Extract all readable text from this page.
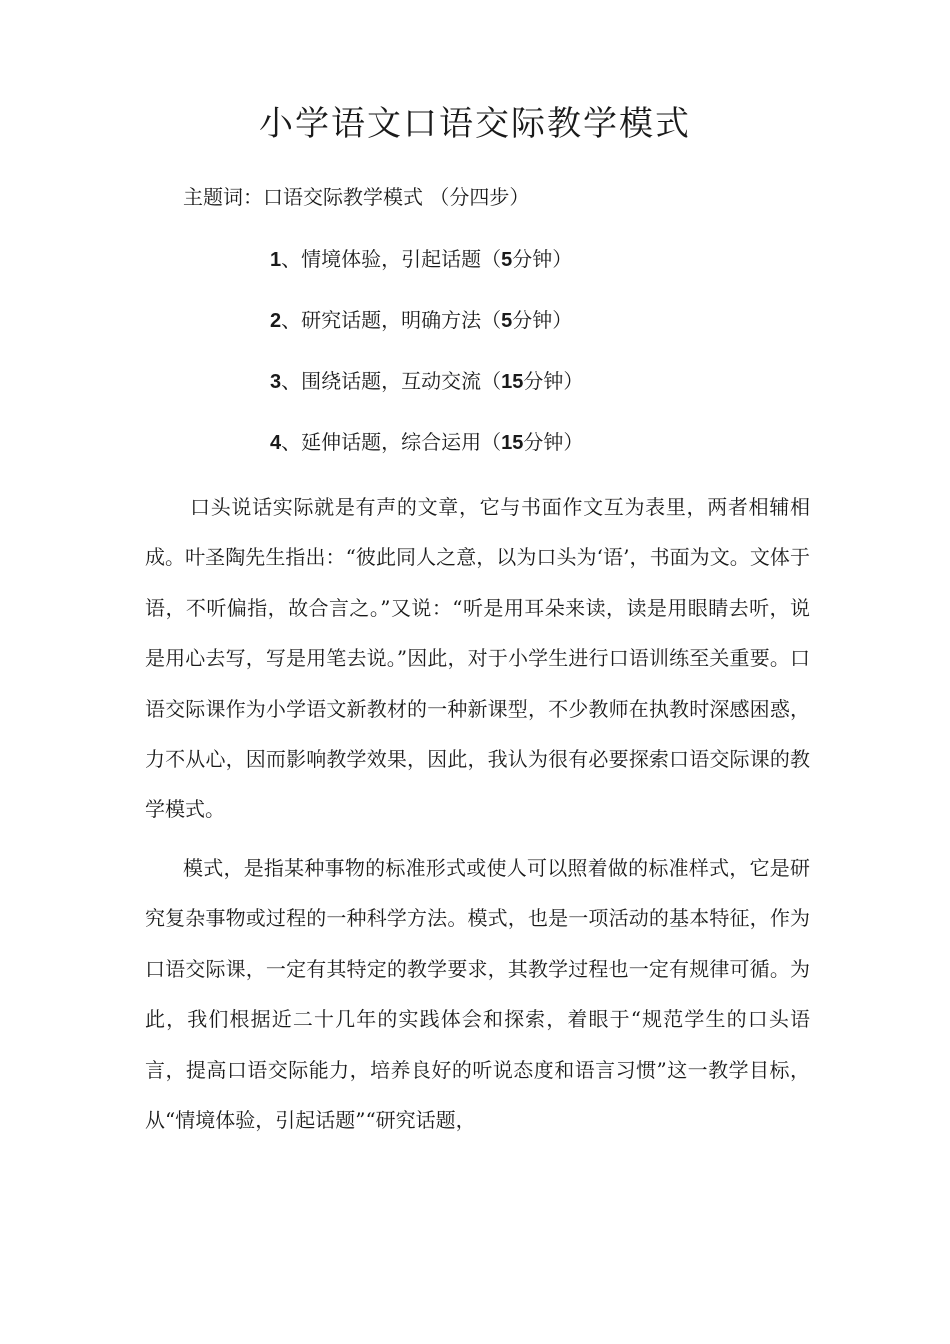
小学语文口语交际教学模式
主题词：口语交际教学模式 （分四步）
1、情境体验，引起话题（5分钟）
2、研究话题，明确方法（5分钟）
3、围绕话题，互动交流（15分钟）
4、延伸话题，综合运用（15分钟）

口头说话实际就是有声的文章，它与书面作文互为表里，两者相辅相成。叶圣陶先生指出：“彼此同人之意，以为口头为‘语’，书面为文。文体于语，不听偏指，故合言之。”又说：“听是用耳朵来读，读是用眼睛去听，说是用心去写，写是用笔去说。”因此，对于小学生进行口语训练至关重要。口语交际课作为小学语文新教材的一种新课型，不少教师在执教时深感困惑，力不从心，因而影响教学效果，因此，我认为很有必要探索口语交际课的教学模式。

模式，是指某种事物的标准形式或使人可以照着做的标准样式，它是研究复杂事物或过程的一种科学方法。模式，也是一项活动的基本特征，作为口语交际课，一定有其特定的教学要求，其教学过程也一定有规律可循。为此，我们根据近二十几年的实践体会和探索，着眼于“规范学生的口头语言，提高口语交际能力，培养良好的听说态度和语言习惯”这一教学目标，从“情境体验，引起话题”“研究话题，
